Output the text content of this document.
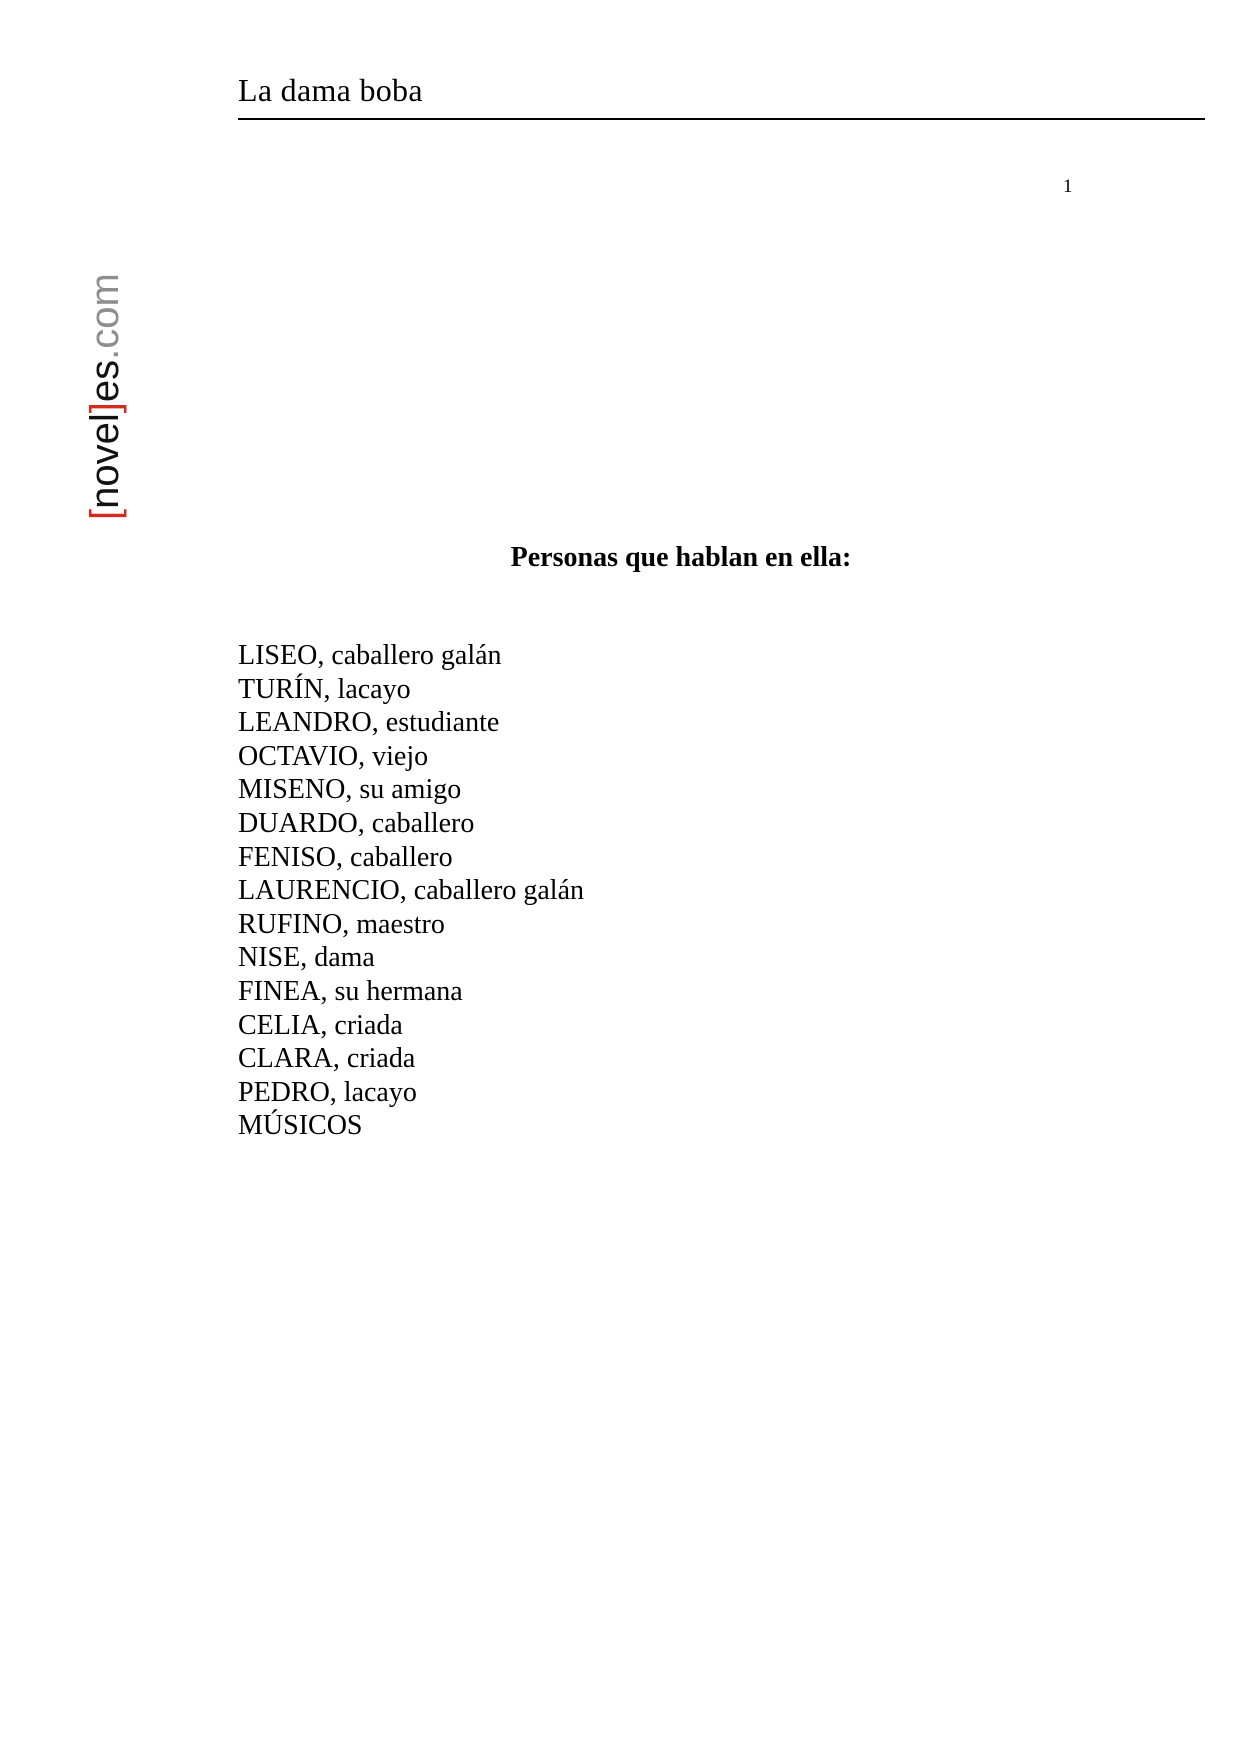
La dama boba
1
[novel]es.com
Personas que hablan en ella:
LISEO, caballero galán
TURÍN, lacayo
LEANDRO, estudiante
OCTAVIO, viejo
MISENO, su amigo
DUARDO, caballero
FENISO, caballero
LAURENCIO, caballero galán
RUFINO, maestro
NISE, dama
FINEA, su hermana
CELIA, criada
CLARA, criada
PEDRO, lacayo
MÚSICOS
